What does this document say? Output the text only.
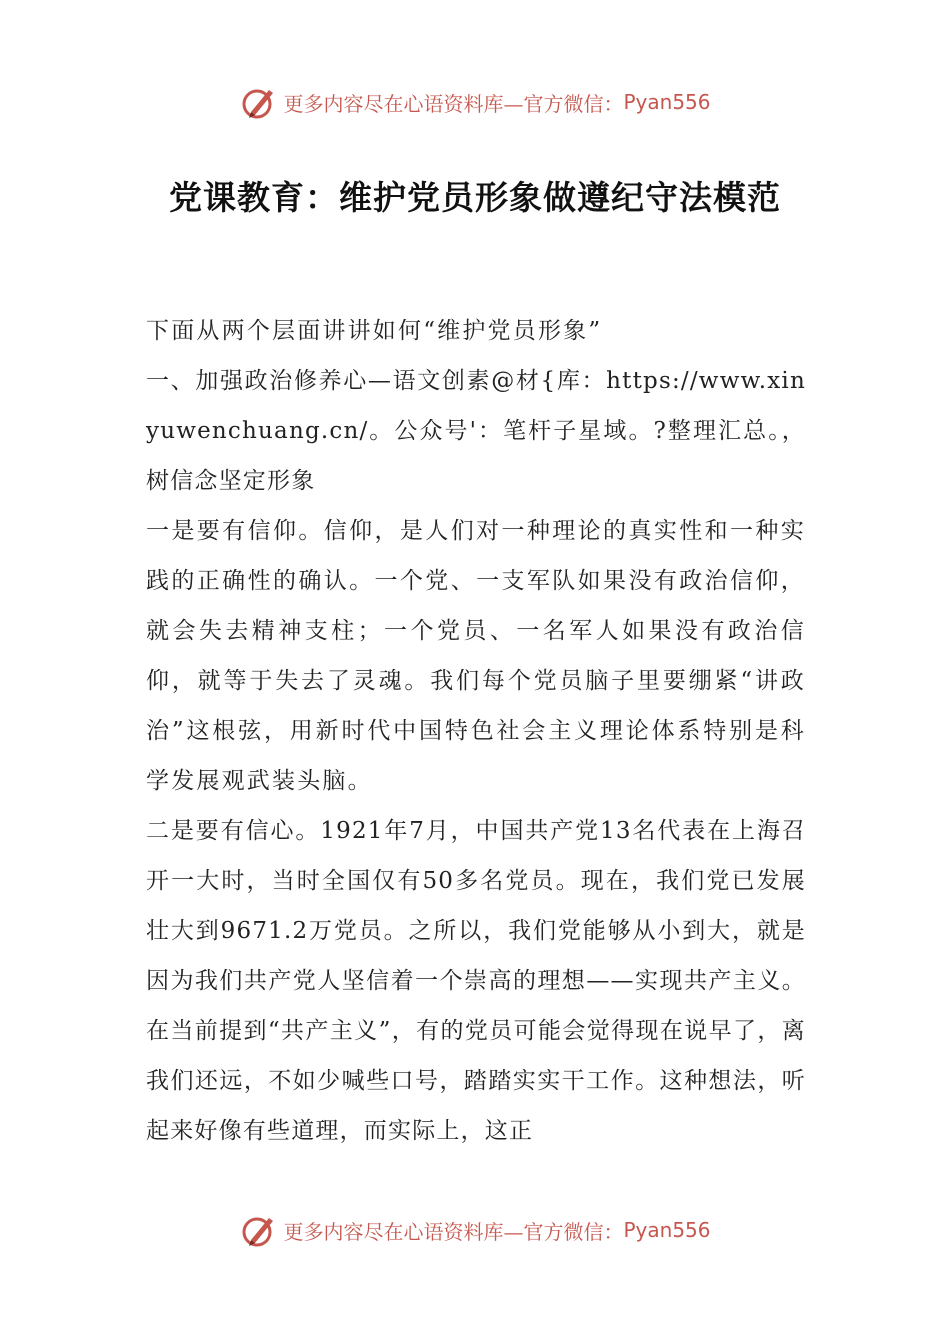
更多内容尽在心语资料库—官方微信： Pyan556
党课教育：维护党员形象做遵纪守法模范

下面从两个层面讲讲如何“维护党员形象”

一、加强政治修养心—语文创素@材{库：https://www.xinyuwenchuang.cn/。公众号'：笔杆子星域。?整理汇总。，树信念坚定形象

一是要有信仰。信仰，是人们对一种理论的真实性和一种实践的正确性的确认。一个党、一支军队如果没有政治信仰，就会失去精神支柱；一个党员、一名军人如果没有政治信仰，就等于失去了灵魂。我们每个党员脑子里要绷紧“讲政治”这根弦，用新时代中国特色社会主义理论体系特别是科学发展观武装头脑。

二是要有信心。1921年7月，中国共产党13名代表在上海召开一大时，当时全国仅有50多名党员。现在，我们党已发展壮大到9671.2万党员。之所以，我们党能够从小到大，就是因为我们共产党人坚信着一个崇高的理想——实现共产主义。在当前提到“共产主义”，有的党员可能会觉得现在说早了，离我们还远，不如少喊些口号，踏踏实实干工作。这种想法，听起来好像有些道理，而实际上，这正

更多内容尽在心语资料库—官方微信： Pyan556
